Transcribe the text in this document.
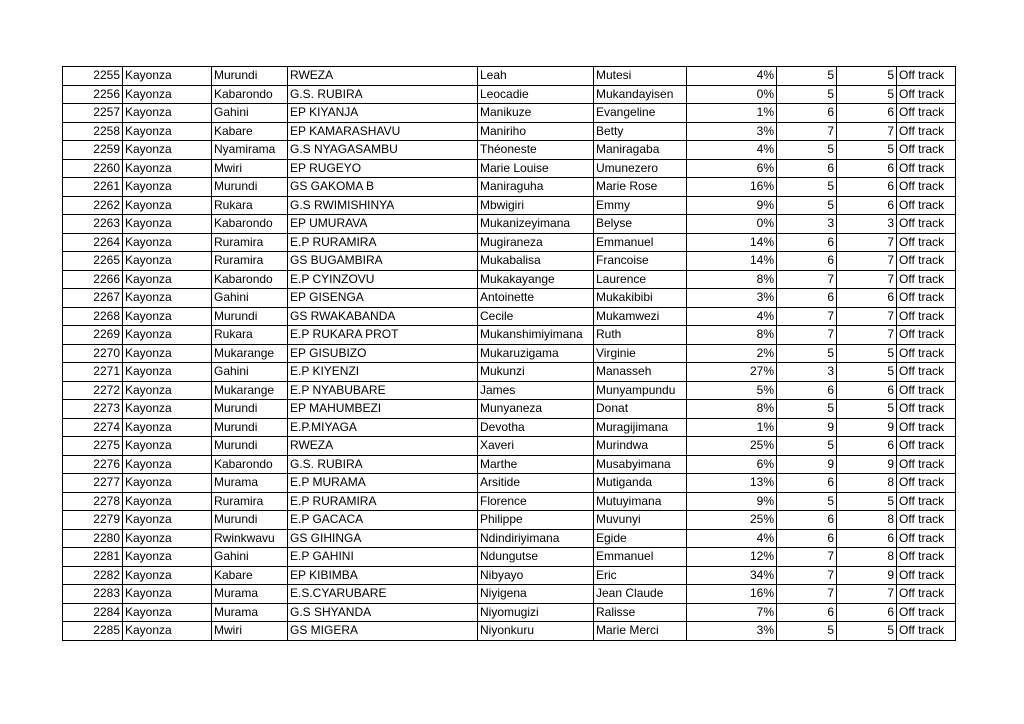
2255	Kayonza	Murundi	RWEZA	Leah	Mutesi	4%	5	5	Off track
2256	Kayonza	Kabarondo	G.S. RUBIRA	Leocadie	Mukandayisen	0%	5	5	Off track
2257	Kayonza	Gahini	EP KIYANJA	Manikuze	Evangeline	1%	6	6	Off track
2258	Kayonza	Kabare	EP KAMARASHAVU	Maniriho	Betty	3%	7	7	Off track
2259	Kayonza	Nyamirama	G.S NYAGASAMBU	Théoneste	Maniragaba	4%	5	5	Off track
2260	Kayonza	Mwiri	EP RUGEYO	Marie Louise	Umunezero	6%	6	6	Off track
2261	Kayonza	Murundi	GS GAKOMA B	Maniraguha	Marie Rose	16%	5	6	Off track
2262	Kayonza	Rukara	G.S RWIMISHINYA	Mbwigiri	Emmy	9%	5	6	Off track
2263	Kayonza	Kabarondo	EP UMURAVA	Mukanizeyimana	Belyse	0%	3	3	Off track
2264	Kayonza	Ruramira	E.P RURAMIRA	Mugiraneza	Emmanuel	14%	6	7	Off track
2265	Kayonza	Ruramira	GS BUGAMBIRA	Mukabalisa	Francoise	14%	6	7	Off track
2266	Kayonza	Kabarondo	E.P CYINZOVU	Mukakayange	Laurence	8%	7	7	Off track
2267	Kayonza	Gahini	EP GISENGA	Antoinette	Mukakibibi	3%	6	6	Off track
2268	Kayonza	Murundi	GS RWAKABANDA	Cecile	Mukamwezi	4%	7	7	Off track
2269	Kayonza	Rukara	E.P RUKARA PROT	Mukanshimiyimana	Ruth	8%	7	7	Off track
2270	Kayonza	Mukarange	EP GISUBIZO	Mukaruzigama	Virginie	2%	5	5	Off track
2271	Kayonza	Gahini	E.P KIYENZI	Mukunzi	Manasseh	27%	3	5	Off track
2272	Kayonza	Mukarange	E.P NYABUBARE	James	Munyampundu	5%	6	6	Off track
2273	Kayonza	Murundi	EP MAHUMBEZI	Munyaneza	Donat	8%	5	5	Off track
2274	Kayonza	Murundi	E.P.MIYAGA	Devotha	Muragijimana	1%	9	9	Off track
2275	Kayonza	Murundi	RWEZA	Xaveri	Murindwa	25%	5	6	Off track
2276	Kayonza	Kabarondo	G.S. RUBIRA	Marthe	Musabyimana	6%	9	9	Off track
2277	Kayonza	Murama	E.P MURAMA	Arsitide	Mutiganda	13%	6	8	Off track
2278	Kayonza	Ruramira	E.P RURAMIRA	Florence	Mutuyimana	9%	5	5	Off track
2279	Kayonza	Murundi	E.P GACACA	Philippe	Muvunyi	25%	6	8	Off track
2280	Kayonza	Rwinkwavu	GS GIHINGA	Ndindiriyimana	Egide	4%	6	6	Off track
2281	Kayonza	Gahini	E.P GAHINI	Ndungutse	Emmanuel	12%	7	8	Off track
2282	Kayonza	Kabare	EP KIBIMBA	Nibyayo	Eric	34%	7	9	Off track
2283	Kayonza	Murama	E.S.CYARUBARE	Niyigena	Jean Claude	16%	7	7	Off track
2284	Kayonza	Murama	G.S SHYANDA	Niyomugizi	Ralisse	7%	6	6	Off track
2285	Kayonza	Mwiri	GS MIGERA	Niyonkuru	Marie Merci	3%	5	5	Off track
